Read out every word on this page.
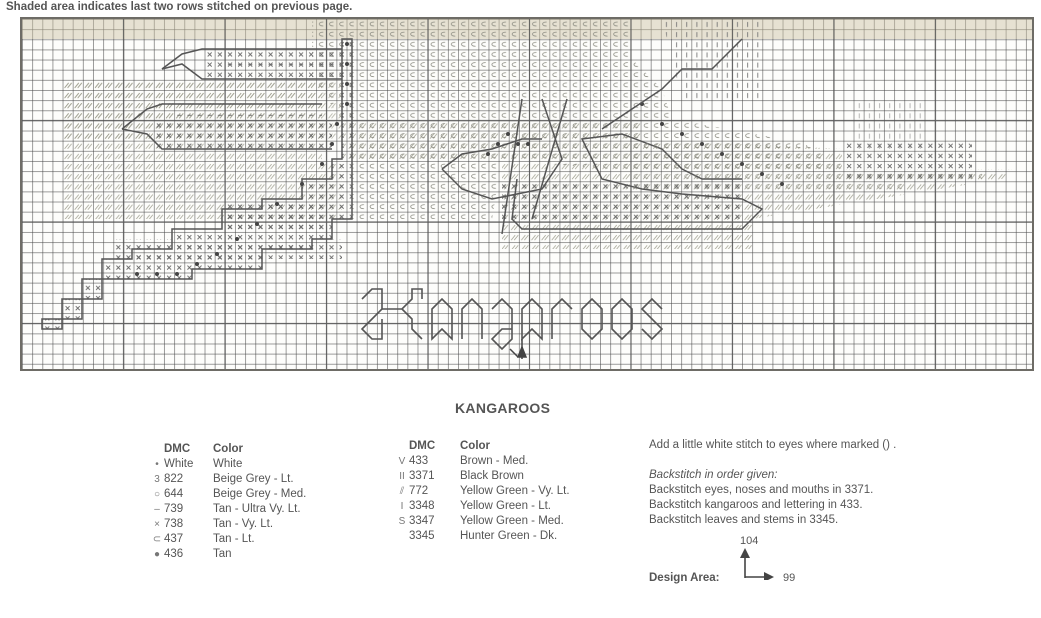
Shaded area indicates last two rows stitched on previous page.
KANGAROOS
DMC	Color
• White	White
3 822	Beige Grey - Lt.
○ 644	Beige Grey - Med.
– 739	Tan - Ultra Vy. Lt.
× 738	Tan - Vy. Lt.
⊂ 437	Tan - Lt.
● 436	Tan
DMC	Color
V 433	Brown - Med.
II 3371	Black Brown
⫽ 772	Yellow Green - Vy. Lt.
I 3348	Yellow Green - Lt.
S 3347	Yellow Green - Med.
3345	Hunter Green - Dk.
Add a little white stitch to eyes where marked () .
Backstitch in order given:
Backstitch eyes, noses and mouths in 3371.
Backstitch kangaroos and lettering in 433.
Backstitch leaves and stems in 3345.
104
Design Area:	99
